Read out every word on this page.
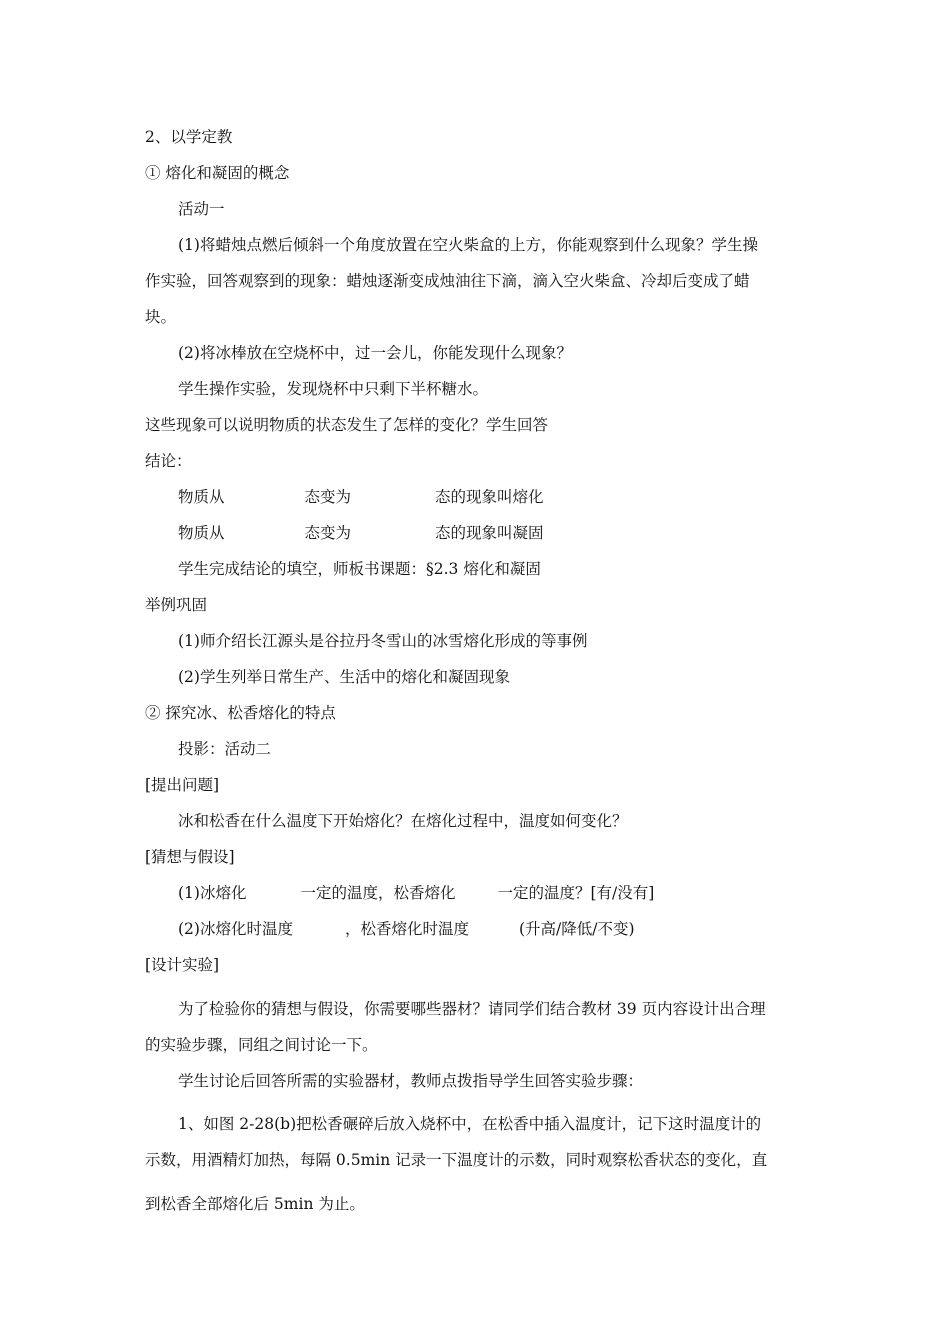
2、以学定教
① 熔化和凝固的概念
活动一
(1)将蜡烛点燃后倾斜一个角度放置在空火柴盒的上方，你能观察到什么现象？学生操
作实验，回答观察到的现象：蜡烛逐渐变成烛油往下滴，滴入空火柴盒、冷却后变成了蜡
块。
(2)将冰棒放在空烧杯中，过一会儿，你能发现什么现象？
学生操作实验，发现烧杯中只剩下半杯糖水。
这些现象可以说明物质的状态发生了怎样的变化？学生回答
结论：
物质从	态变为	态的现象叫熔化
物质从	态变为	态的现象叫凝固
学生完成结论的填空，师板书课题：§2.3 熔化和凝固
举例巩固
(1)师介绍长江源头是谷拉丹冬雪山的冰雪熔化形成的等事例
(2)学生列举日常生产、生活中的熔化和凝固现象
② 探究冰、松香熔化的特点
投影：活动二
[提出问题]
冰和松香在什么温度下开始熔化？在熔化过程中，温度如何变化？
[猜想与假设]
(1)冰熔化	一定的温度，松香熔化	一定的温度？[有/没有]
(2)冰熔化时温度	，松香熔化时温度	(升高/降低/不变)
[设计实验]
为了检验你的猜想与假设，你需要哪些器材？请同学们结合教材 39 页内容设计出合理
的实验步骤，同组之间讨论一下。
学生讨论后回答所需的实验器材，教师点拨指导学生回答实验步骤：
1、如图 2-28(b)把松香碾碎后放入烧杯中，在松香中插入温度计，记下这时温度计的
示数，用酒精灯加热，每隔 0.5min 记录一下温度计的示数，同时观察松香状态的变化，直
到松香全部熔化后 5min 为止。
